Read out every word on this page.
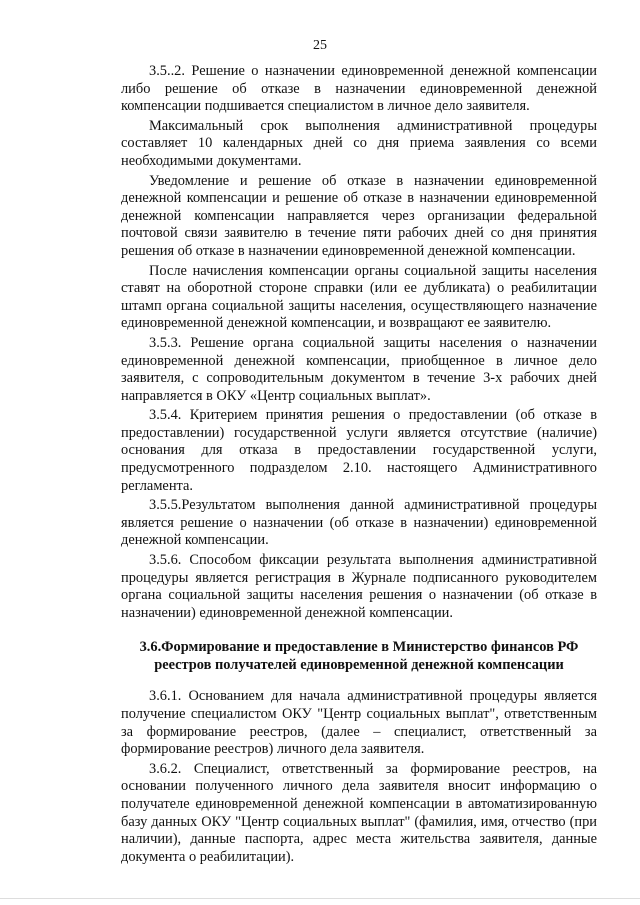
25

3.5..2. Решение о назначении единовременной денежной компенсации либо решение об отказе в назначении единовременной денежной компенсации подшивается специалистом в личное дело заявителя.

Максимальный срок выполнения административной процедуры составляет 10 календарных дней со дня приема заявления со всеми необходимыми документами.

Уведомление и решение об отказе в назначении единовременной денежной компенсации и решение об отказе в назначении единовременной денежной компенсации направляется через организации федеральной почтовой связи заявителю в течение пяти рабочих дней со дня принятия решения об отказе в назначении единовременной денежной компенсации.

После начисления компенсации органы социальной защиты населения ставят на оборотной стороне справки (или ее дубликата) о реабилитации штамп органа социальной защиты населения, осуществляющего назначение единовременной денежной компенсации, и возвращают ее заявителю.

3.5.3. Решение органа социальной защиты населения о назначении единовременной денежной компенсации, приобщенное в личное дело заявителя, с сопроводительным документом в течение 3-х рабочих дней направляется в ОКУ «Центр социальных выплат».

3.5.4. Критерием принятия решения о предоставлении (об отказе в предоставлении) государственной услуги является отсутствие (наличие) основания для отказа в предоставлении государственной услуги, предусмотренного подразделом 2.10. настоящего Административного регламента.

3.5.5.Результатом выполнения данной административной процедуры является решение о назначении (об отказе в назначении) единовременной денежной компенсации.

3.5.6. Способом фиксации результата выполнения административной процедуры является регистрация в Журнале подписанного руководителем органа социальной защиты населения решения о назначении (об отказе в назначении) единовременной денежной компенсации.

3.6.Формирование и предоставление в Министерство финансов РФ реестров получателей единовременной денежной компенсации

3.6.1. Основанием для начала административной процедуры является получение специалистом ОКУ "Центр социальных выплат", ответственным за формирование реестров, (далее – специалист, ответственный за формирование реестров) личного дела заявителя.

3.6.2. Специалист, ответственный за формирование реестров, на основании полученного личного дела заявителя вносит информацию о получателе единовременной денежной компенсации в автоматизированную базу данных ОКУ "Центр социальных выплат" (фамилия, имя, отчество (при наличии), данные паспорта, адрес места жительства заявителя, данные документа о реабилитации).
